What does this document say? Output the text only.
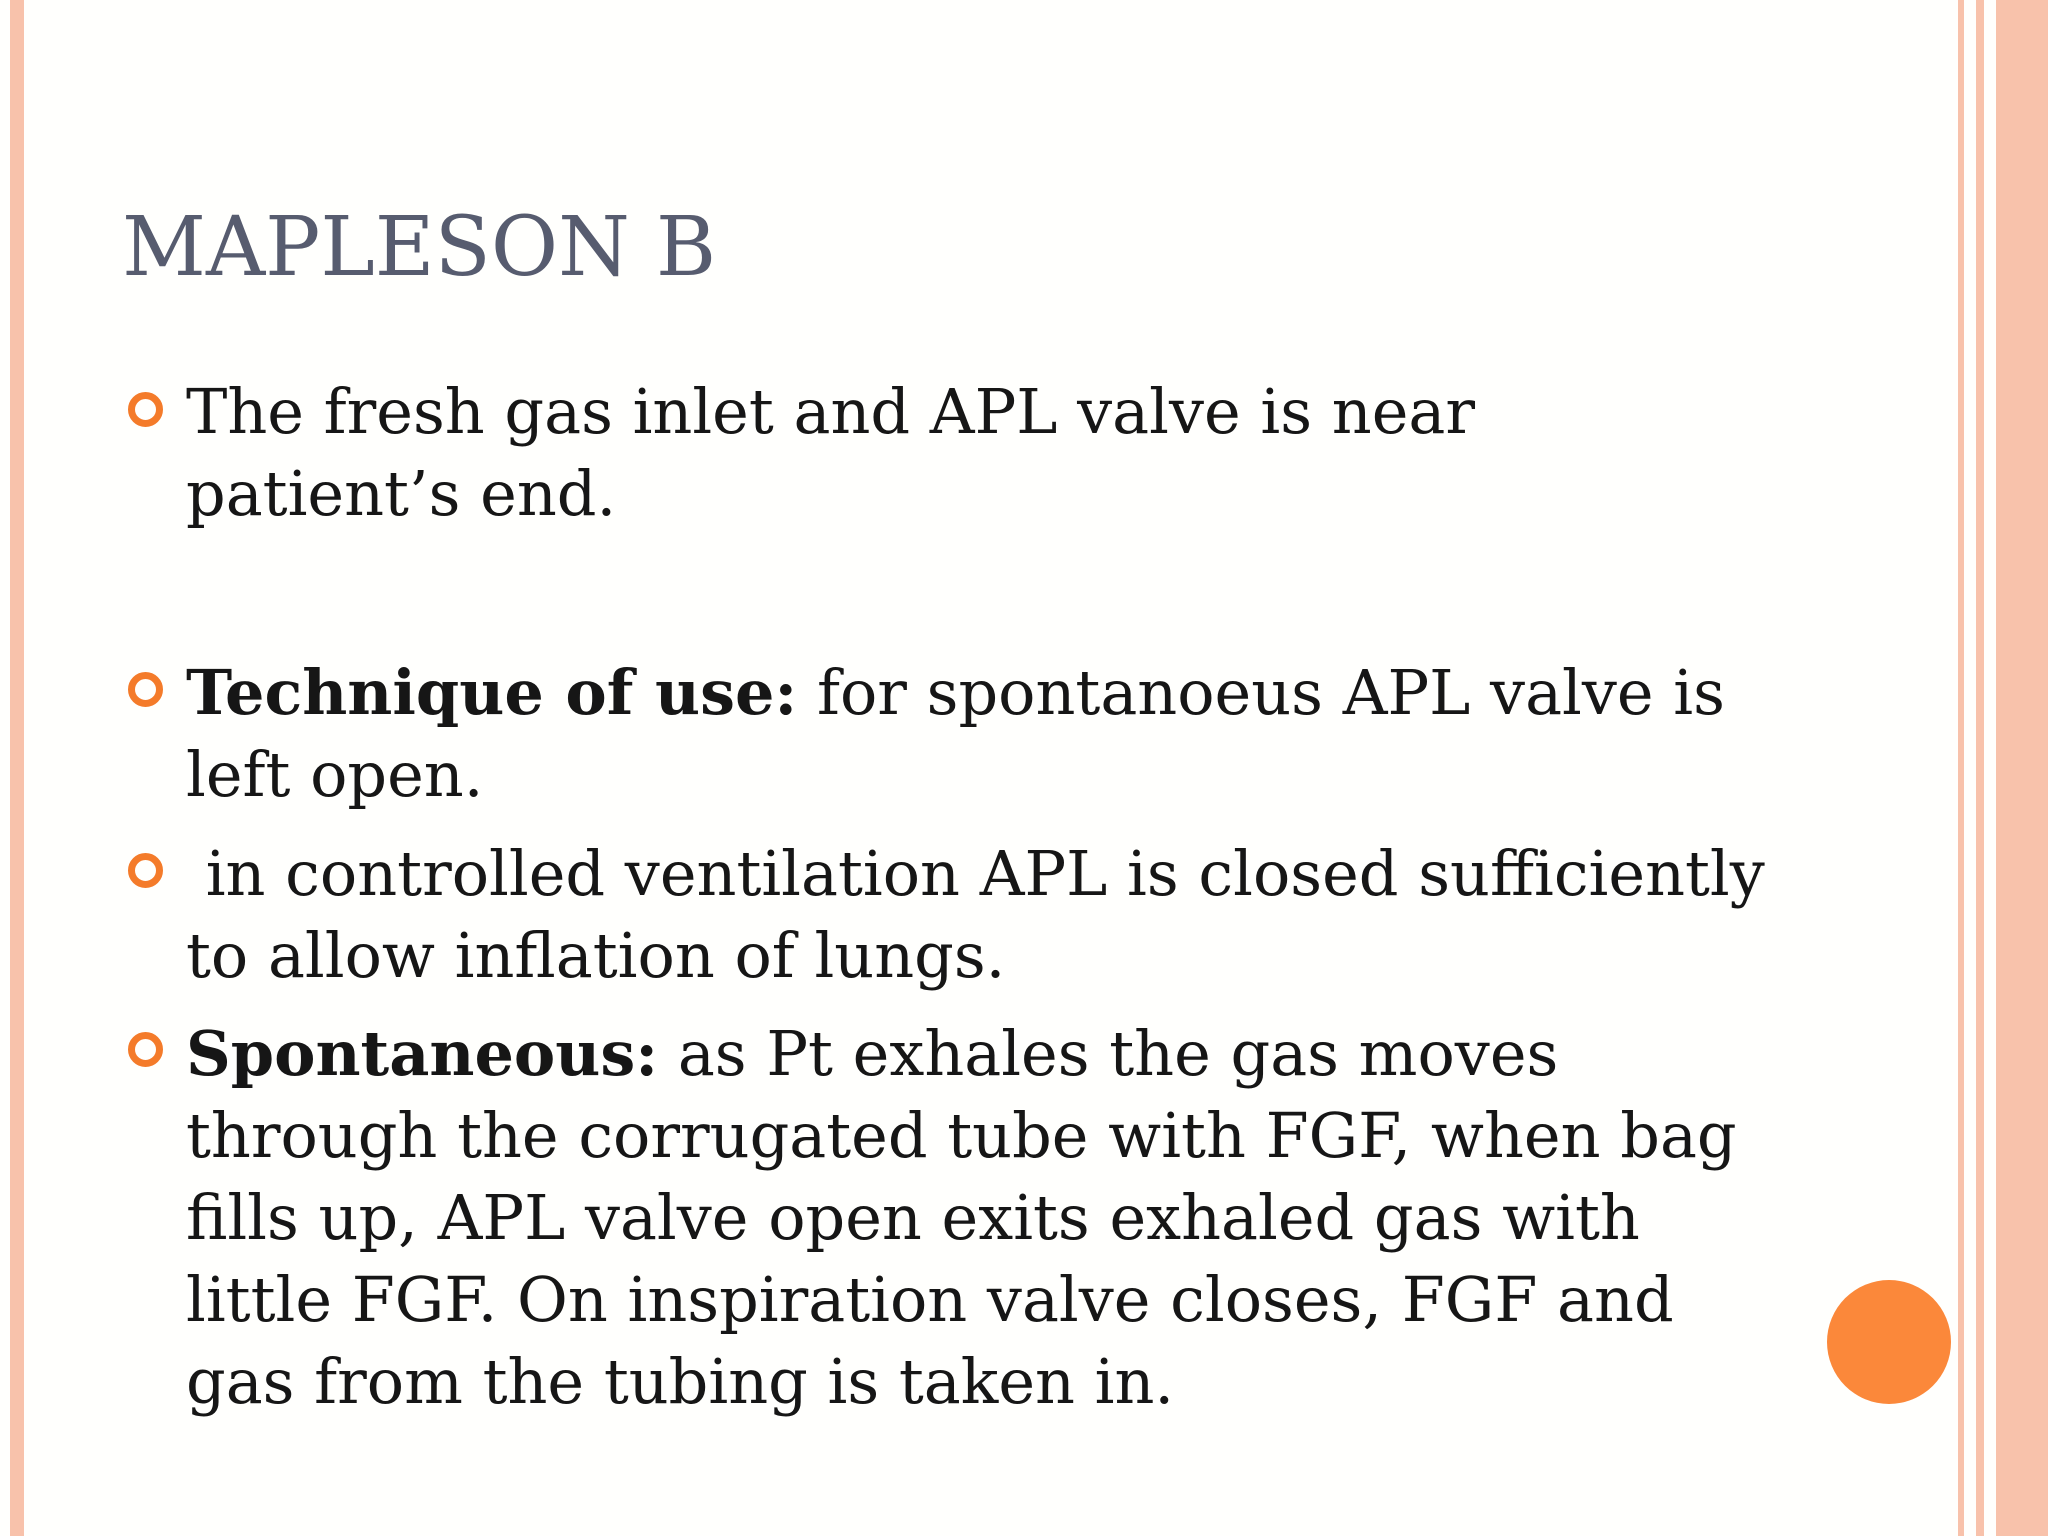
MAPLESON B

The fresh gas inlet and APL valve is near patient’s end.

Technique of use: for spontanoeus APL valve is left open.

in controlled ventilation APL is closed sufficiently to allow inflation of lungs.

Spontaneous: as Pt exhales the gas moves through the corrugated tube with FGF, when bag fills up, APL valve open exits exhaled gas with little FGF. On inspiration valve closes, FGF and gas from the tubing is taken in.
